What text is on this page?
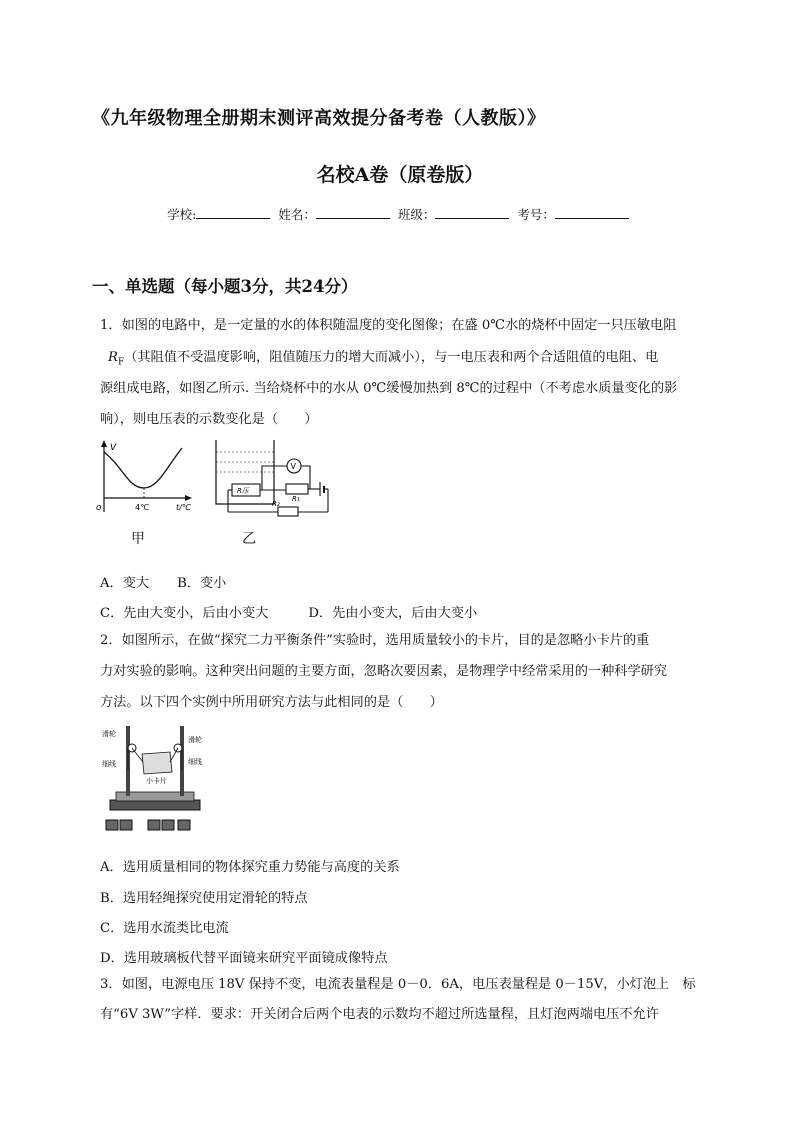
《九年级物理全册期末测评高效提分备考卷（人教版）》
名校A卷（原卷版）
学校:	姓名：	班级：	考号：
一、单选题（每小题3分，共24分）
1．如图的电路中，是一定量的水的体积随温度的变化图像；在盛 0℃水的烧杯中固定一只压敏电阻
$R_F$（其阻值不受温度影响，阻值随压力的增大而减小），与一电压表和两个合适阻值的电阻、电
源组成电路，如图乙所示. 当给烧杯中的水从 0℃缓慢加热到 8℃的过程中（不考虑水质量变化的影
响），则电压表的示数变化是（　　）
V
o	4℃	t/℃
甲
R压
R₁
R₂
V
乙
A．变大 B．变小
C．先由大变小，后由小变大	D．先由小变大，后由大变小
2．如图所示，在做“探究二力平衡条件”实验时，选用质量较小的卡片，目的是忽略小卡片的重
力对实验的影响。这种突出问题的主要方面，忽略次要因素，是物理学中经常采用的一种科学研究
方法。以下四个实例中所用研究方法与此相同的是（　　）
滑轮
滑轮
细线	细线
小卡片
A．选用质量相同的物体探究重力势能与高度的关系
B．选用轻绳探究使用定滑轮的特点
C．选用水流类比电流
D．选用玻璃板代替平面镜来研究平面镜成像特点
3．如图，电源电压 18V 保持不变，电流表量程是 0－0．6A，电压表量程是 0－15V，小灯泡上　标
有“6V 3W”字样．要求：开关闭合后两个电表的示数均不超过所选量程，且灯泡两端电压不允许
